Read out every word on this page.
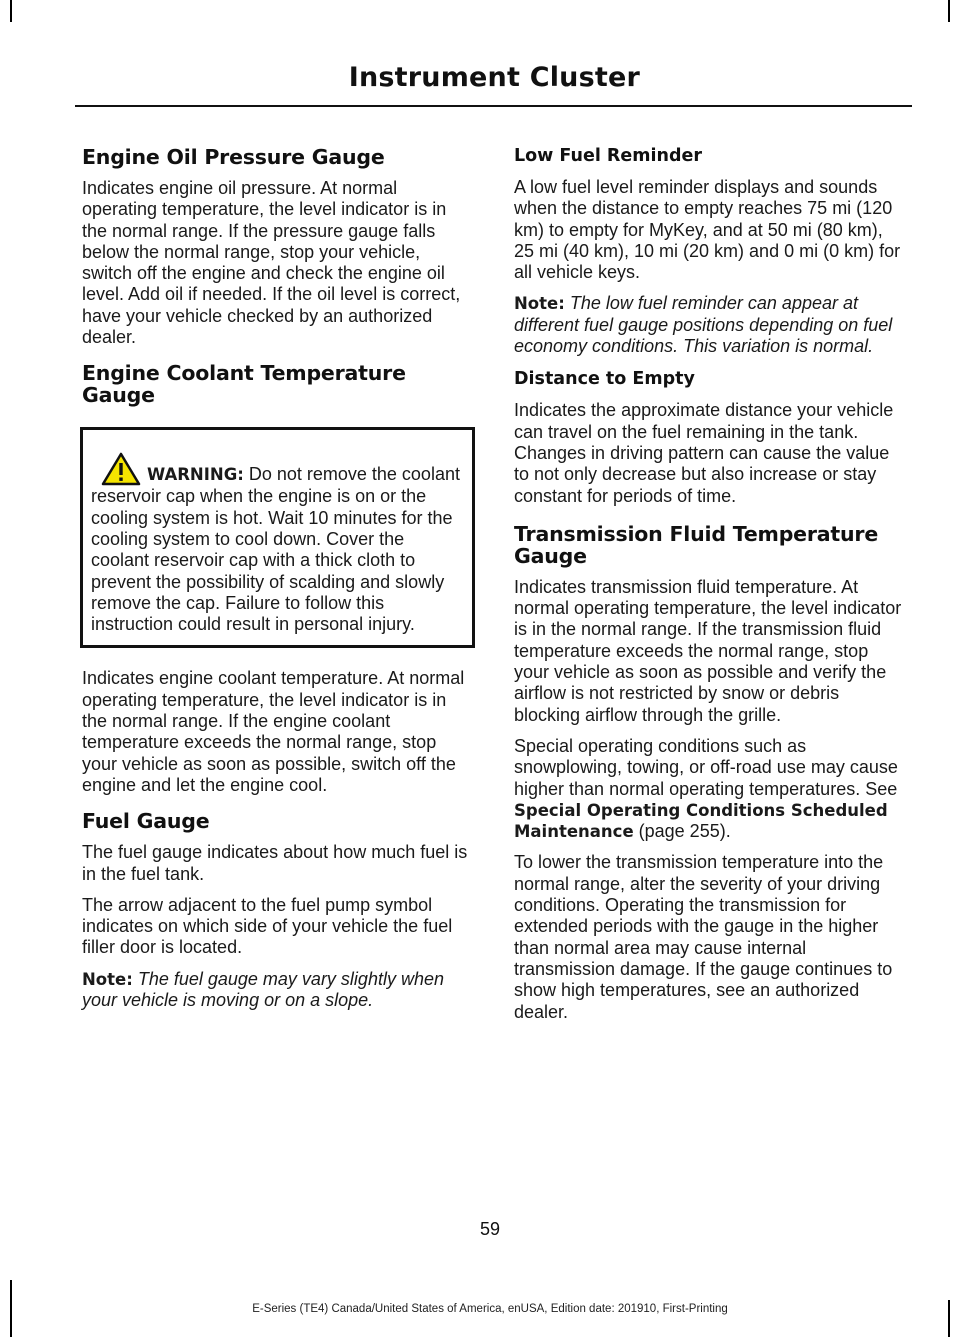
Instrument Cluster
Engine Oil Pressure Gauge

Indicates engine oil pressure. At normal operating temperature, the level indicator is in the normal range. If the pressure gauge falls below the normal range, stop your vehicle, switch off the engine and check the engine oil level. Add oil if needed. If the oil level is correct, have your vehicle checked by an authorized dealer.

Engine Coolant Temperature Gauge

WARNING: Do not remove the coolant reservoir cap when the engine is on or the cooling system is hot. Wait 10 minutes for the cooling system to cool down. Cover the coolant reservoir cap with a thick cloth to prevent the possibility of scalding and slowly remove the cap. Failure to follow this instruction could result in personal injury.

Indicates engine coolant temperature. At normal operating temperature, the level indicator is in the normal range. If the engine coolant temperature exceeds the normal range, stop your vehicle as soon as possible, switch off the engine and let the engine cool.

Fuel Gauge

The fuel gauge indicates about how much fuel is in the fuel tank.

The arrow adjacent to the fuel pump symbol indicates on which side of your vehicle the fuel filler door is located.

Note: The fuel gauge may vary slightly when your vehicle is moving or on a slope.

Low Fuel Reminder

A low fuel level reminder displays and sounds when the distance to empty reaches 75 mi (120 km) to empty for MyKey, and at 50 mi (80 km), 25 mi (40 km), 10 mi (20 km) and 0 mi (0 km) for all vehicle keys.

Note: The low fuel reminder can appear at different fuel gauge positions depending on fuel economy conditions. This variation is normal.

Distance to Empty

Indicates the approximate distance your vehicle can travel on the fuel remaining in the tank. Changes in driving pattern can cause the value to not only decrease but also increase or stay constant for periods of time.

Transmission Fluid Temperature Gauge

Indicates transmission fluid temperature. At normal operating temperature, the level indicator is in the normal range. If the transmission fluid temperature exceeds the normal range, stop your vehicle as soon as possible and verify the airflow is not restricted by snow or debris blocking airflow through the grille.

Special operating conditions such as snowplowing, towing, or off-road use may cause higher than normal operating temperatures. See Special Operating Conditions Scheduled Maintenance (page 255).

To lower the transmission temperature into the normal range, alter the severity of your driving conditions. Operating the transmission for extended periods with the gauge in the higher than normal area may cause internal transmission damage. If the gauge continues to show high temperatures, see an authorized dealer.

59
E-Series (TE4) Canada/United States of America, enUSA, Edition date: 201910, First-Printing
